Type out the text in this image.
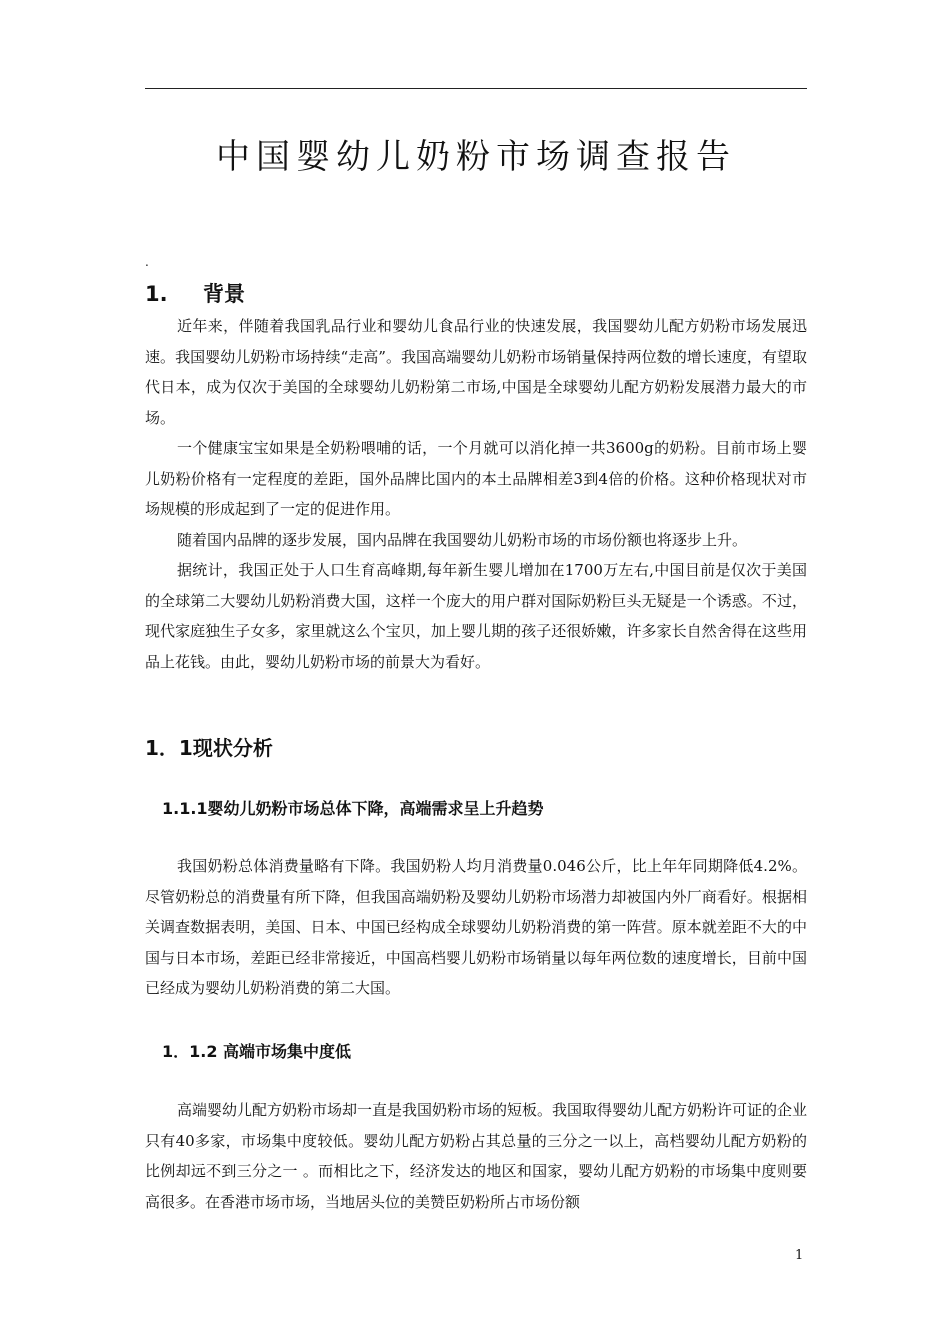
中国婴幼儿奶粉市场调查报告
.
1. 背景

近年来，伴随着我国乳品行业和婴幼儿食品行业的快速发展，我国婴幼儿配方奶粉市场发展迅速。我国婴幼儿奶粉市场持续“走高”。我国高端婴幼儿奶粉市场销量保持两位数的增长速度，有望取代日本，成为仅次于美国的全球婴幼儿奶粉第二市场,中国是全球婴幼儿配方奶粉发展潜力最大的市场。

一个健康宝宝如果是全奶粉喂哺的话，一个月就可以消化掉一共3600g的奶粉。目前市场上婴儿奶粉价格有一定程度的差距，国外品牌比国内的本土品牌相差3到4倍的价格。这种价格现状对市场规模的形成起到了一定的促进作用。

随着国内品牌的逐步发展，国内品牌在我国婴幼儿奶粉市场的市场份额也将逐步上升。

据统计，我国正处于人口生育高峰期,每年新生婴儿增加在1700万左右,中国目前是仅次于美国的全球第二大婴幼儿奶粉消费大国，这样一个庞大的用户群对国际奶粉巨头无疑是一个诱惑。不过，现代家庭独生子女多，家里就这么个宝贝，加上婴儿期的孩子还很娇嫩，许多家长自然舍得在这些用品上花钱。由此，婴幼儿奶粉市场的前景大为看好。

1．1现状分析
1.1.1婴幼儿奶粉市场总体下降，高端需求呈上升趋势

我国奶粉总体消费量略有下降。我国奶粉人均月消费量0.046公斤，比上年年同期降低4.2%。尽管奶粉总的消费量有所下降，但我国高端奶粉及婴幼儿奶粉市场潜力却被国内外厂商看好。根据相关调查数据表明，美国、日本、中国已经构成全球婴幼儿奶粉消费的第一阵营。原本就差距不大的中国与日本市场，差距已经非常接近，中国高档婴儿奶粉市场销量以每年两位数的速度增长，目前中国已经成为婴幼儿奶粉消费的第二大国。

1．1.2 高端市场集中度低

高端婴幼儿配方奶粉市场却一直是我国奶粉市场的短板。我国取得婴幼儿配方奶粉许可证的企业只有40多家，市场集中度较低。婴幼儿配方奶粉占其总量的三分之一以上，高档婴幼儿配方奶粉的比例却远不到三分之一 。而相比之下，经济发达的地区和国家，婴幼儿配方奶粉的市场集中度则要高很多。在香港市场市场，当地居头位的美赞臣奶粉所占市场份额

1
